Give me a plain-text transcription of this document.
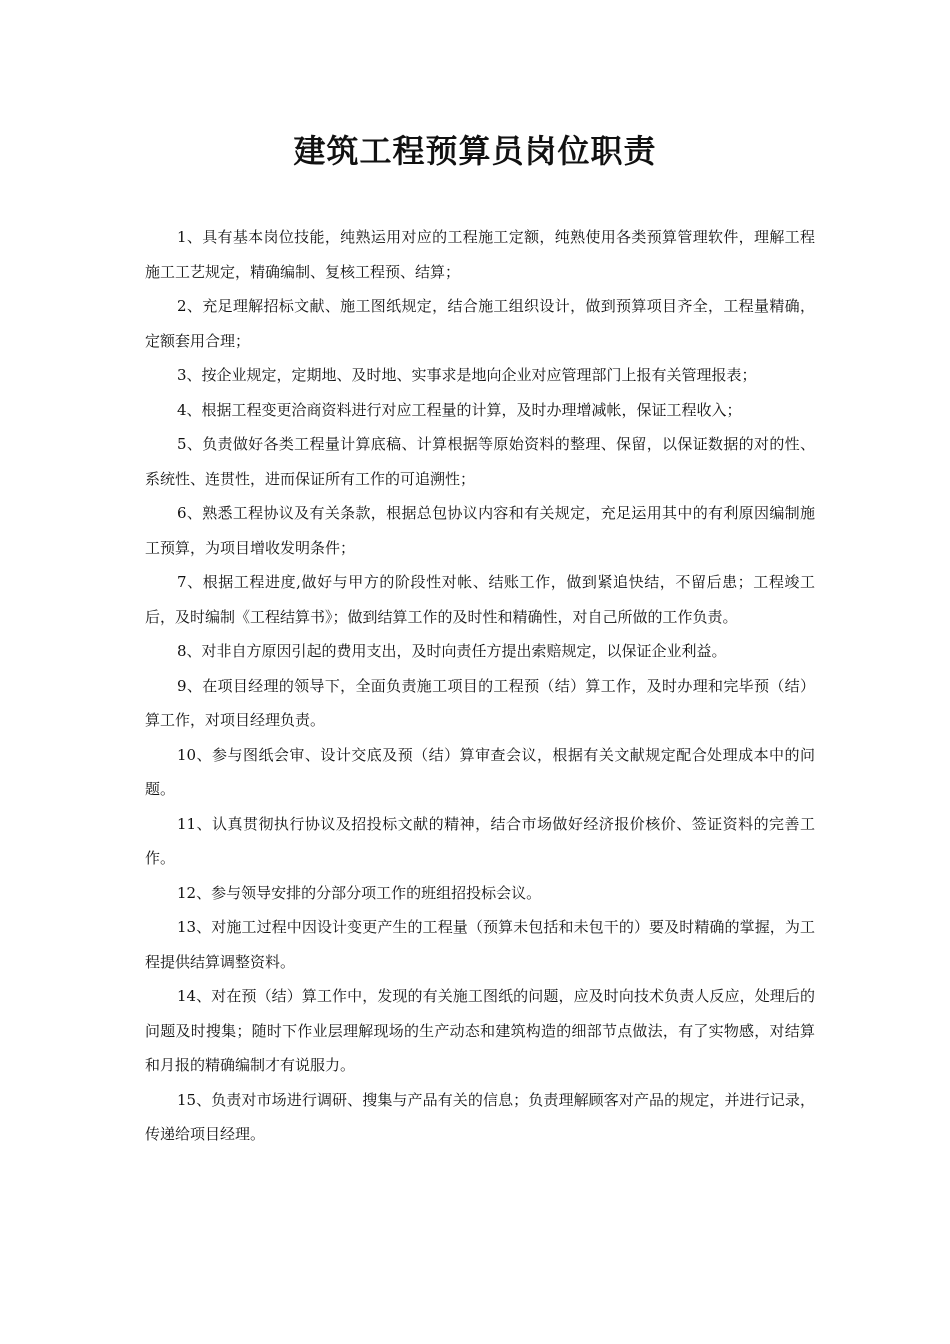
建筑工程预算员岗位职责

1、具有基本岗位技能，纯熟运用对应的工程施工定额，纯熟使用各类预算管理软件，理解工程施工工艺规定，精确编制、复核工程预、结算；

2、充足理解招标文献、施工图纸规定，结合施工组织设计，做到预算项目齐全，工程量精确，定额套用合理；

3、按企业规定，定期地、及时地、实事求是地向企业对应管理部门上报有关管理报表；

4、根据工程变更洽商资料进行对应工程量的计算，及时办理增减帐，保证工程收入；

5、负责做好各类工程量计算底稿、计算根据等原始资料的整理、保留，以保证数据的对的性、系统性、连贯性，进而保证所有工作的可追溯性；

6、熟悉工程协议及有关条款，根据总包协议内容和有关规定，充足运用其中的有利原因编制施工预算，为项目增收发明条件；

7、根据工程进度,做好与甲方的阶段性对帐、结账工作，做到紧追快结，不留后患；工程竣工后，及时编制《工程结算书》；做到结算工作的及时性和精确性，对自己所做的工作负责。

8、对非自方原因引起的费用支出，及时向责任方提出索赔规定，以保证企业利益。

9、在项目经理的领导下，全面负责施工项目的工程预（结）算工作，及时办理和完毕预（结）算工作，对项目经理负责。

10、参与图纸会审、设计交底及预（结）算审查会议，根据有关文献规定配合处理成本中的问题。

11、认真贯彻执行协议及招投标文献的精神，结合市场做好经济报价核价、签证资料的完善工作。

12、参与领导安排的分部分项工作的班组招投标会议。

13、对施工过程中因设计变更产生的工程量（预算未包括和未包干的）要及时精确的掌握，为工程提供结算调整资料。

14、对在预（结）算工作中，发现的有关施工图纸的问题，应及时向技术负责人反应，处理后的问题及时搜集；随时下作业层理解现场的生产动态和建筑构造的细部节点做法，有了实物感，对结算和月报的精确编制才有说服力。

15、负责对市场进行调研、搜集与产品有关的信息；负责理解顾客对产品的规定，并进行记录，传递给项目经理。
